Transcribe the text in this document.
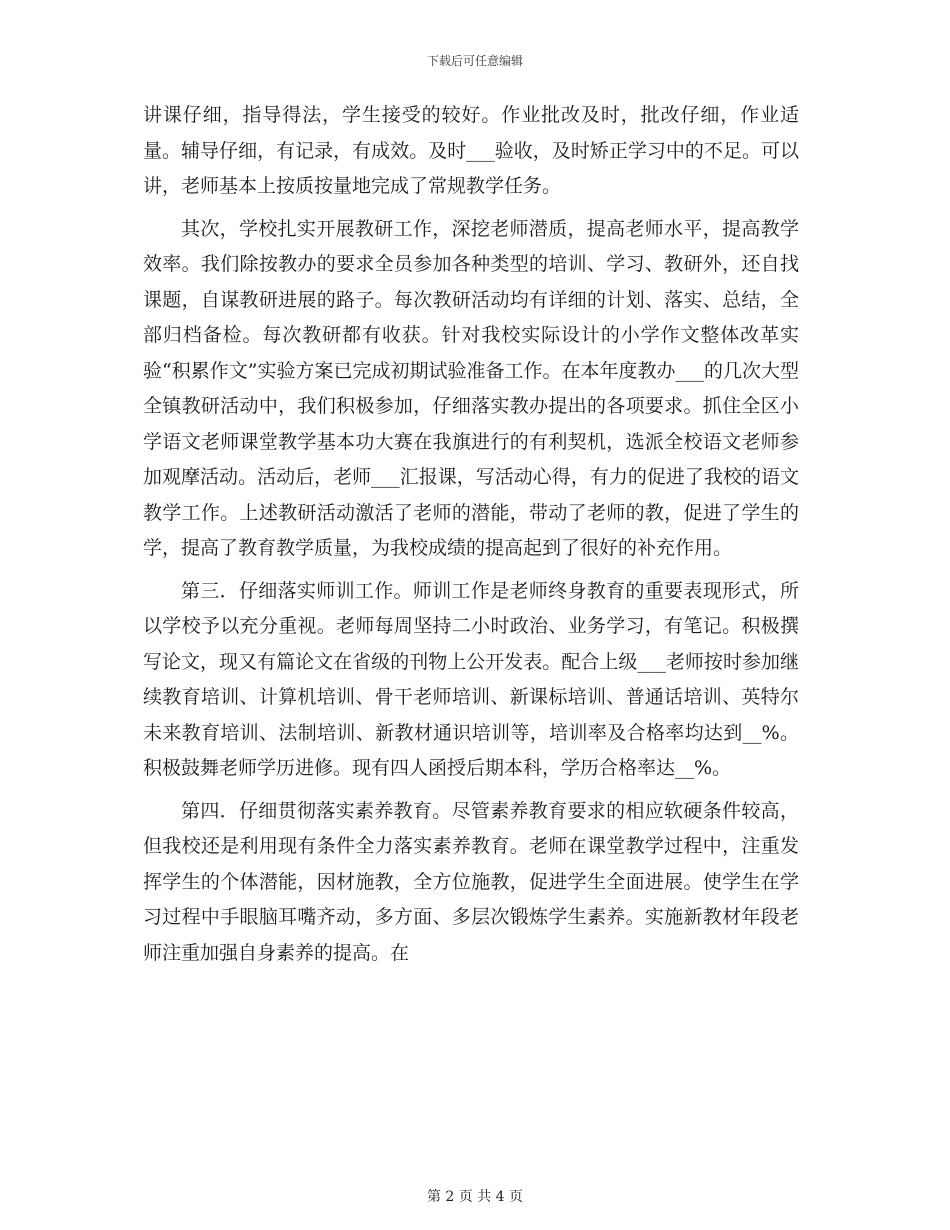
下载后可任意编辑

讲课仔细，指导得法，学生接受的较好。作业批改及时，批改仔细，作业适量。辅导仔细，有记录，有成效。及时___验收，及时矫正学习中的不足。可以讲，老师基本上按质按量地完成了常规教学任务。

其次，学校扎实开展教研工作，深挖老师潜质，提高老师水平，提高教学效率。我们除按教办的要求全员参加各种类型的培训、学习、教研外，还自找课题，自谋教研进展的路子。每次教研活动均有详细的计划、落实、总结，全部归档备检。每次教研都有收获。针对我校实际设计的小学作文整体改革实验“积累作文”实验方案已完成初期试验准备工作。在本年度教办___的几次大型全镇教研活动中，我们积极参加，仔细落实教办提出的各项要求。抓住全区小学语文老师课堂教学基本功大赛在我旗进行的有利契机，选派全校语文老师参加观摩活动。活动后，老师___汇报课，写活动心得，有力的促进了我校的语文教学工作。上述教研活动激活了老师的潜能，带动了老师的教，促进了学生的学，提高了教育教学质量，为我校成绩的提高起到了很好的补充作用。

第三．仔细落实师训工作。师训工作是老师终身教育的重要表现形式，所以学校予以充分重视。老师每周坚持二小时政治、业务学习，有笔记。积极撰写论文，现又有篇论文在省级的刊物上公开发表。配合上级___老师按时参加继续教育培训、计算机培训、骨干老师培训、新课标培训、普通话培训、英特尔未来教育培训、法制培训、新教材通识培训等，培训率及合格率均达到__%。积极鼓舞老师学历进修。现有四人函授后期本科，学历合格率达__%。

第四．仔细贯彻落实素养教育。尽管素养教育要求的相应软硬条件较高，但我校还是利用现有条件全力落实素养教育。老师在课堂教学过程中，注重发挥学生的个体潜能，因材施教，全方位施教，促进学生全面进展。使学生在学习过程中手眼脑耳嘴齐动，多方面、多层次锻炼学生素养。实施新教材年段老师注重加强自身素养的提高。在

第 2 页 共 4 页
